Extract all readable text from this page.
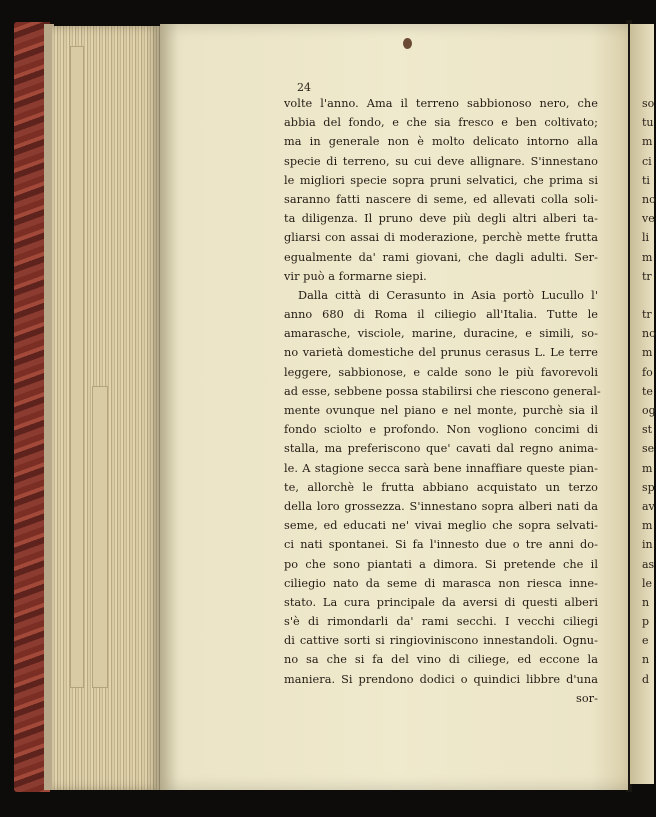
24
volte l'anno. Ama il terreno sabbionoso nero, che
abbia del fondo, e che sia fresco e ben coltivato;
ma in generale non è molto delicato intorno alla
specie di terreno, su cui deve allignare. S'innestano
le migliori specie sopra pruni selvatici, che prima si
saranno fatti nascere di seme, ed allevati colla soli-
ta diligenza. Il pruno deve più degli altri alberi ta-
gliarsi con assai di moderazione, perchè mette frutta
egualmente da' rami giovani, che dagli adulti. Ser-
vir può a formarne siepi.
Dalla città di Cerasunto in Asia portò Lucullo l'
anno 680 di Roma il ciliegio all'Italia. Tutte le
amarasche, visciole, marine, duracine, e simili, so-
no varietà domestiche del prunus cerasus L. Le terre
leggere, sabbionose, e calde sono le più favorevoli
ad esse, sebbene possa stabilirsi che riescono general-
mente ovunque nel piano e nel monte, purchè sia il
fondo sciolto e profondo. Non vogliono concimi di
stalla, ma preferiscono que' cavati dal regno anima-
le. A stagione secca sarà bene innaffiare queste pian-
te, allorchè le frutta abbiano acquistato un terzo
della loro grossezza. S'innestano sopra alberi nati da
seme, ed educati ne' vivai meglio che sopra selvati-
ci nati spontanei. Si fa l'innesto due o tre anni do-
po che sono piantati a dimora. Si pretende che il
ciliegio nato da seme di marasca non riesca inne-
stato. La cura principale da aversi di questi alberi
s'è di rimondarli da' rami secchi. I vecchi ciliegi
di cattive sorti si ringioviniscono innestandoli. Ognu-
no sa che si fa del vino di ciliege, ed eccone la
maniera. Si prendono dodici o quindici libbre d'una
sor-
so
tu
m
ci
ti
no
ve
li
m
tr
tr
no
m
fo
te
og
st
se
m
sp
av
m
in
as
le
n
p
e
n
d
